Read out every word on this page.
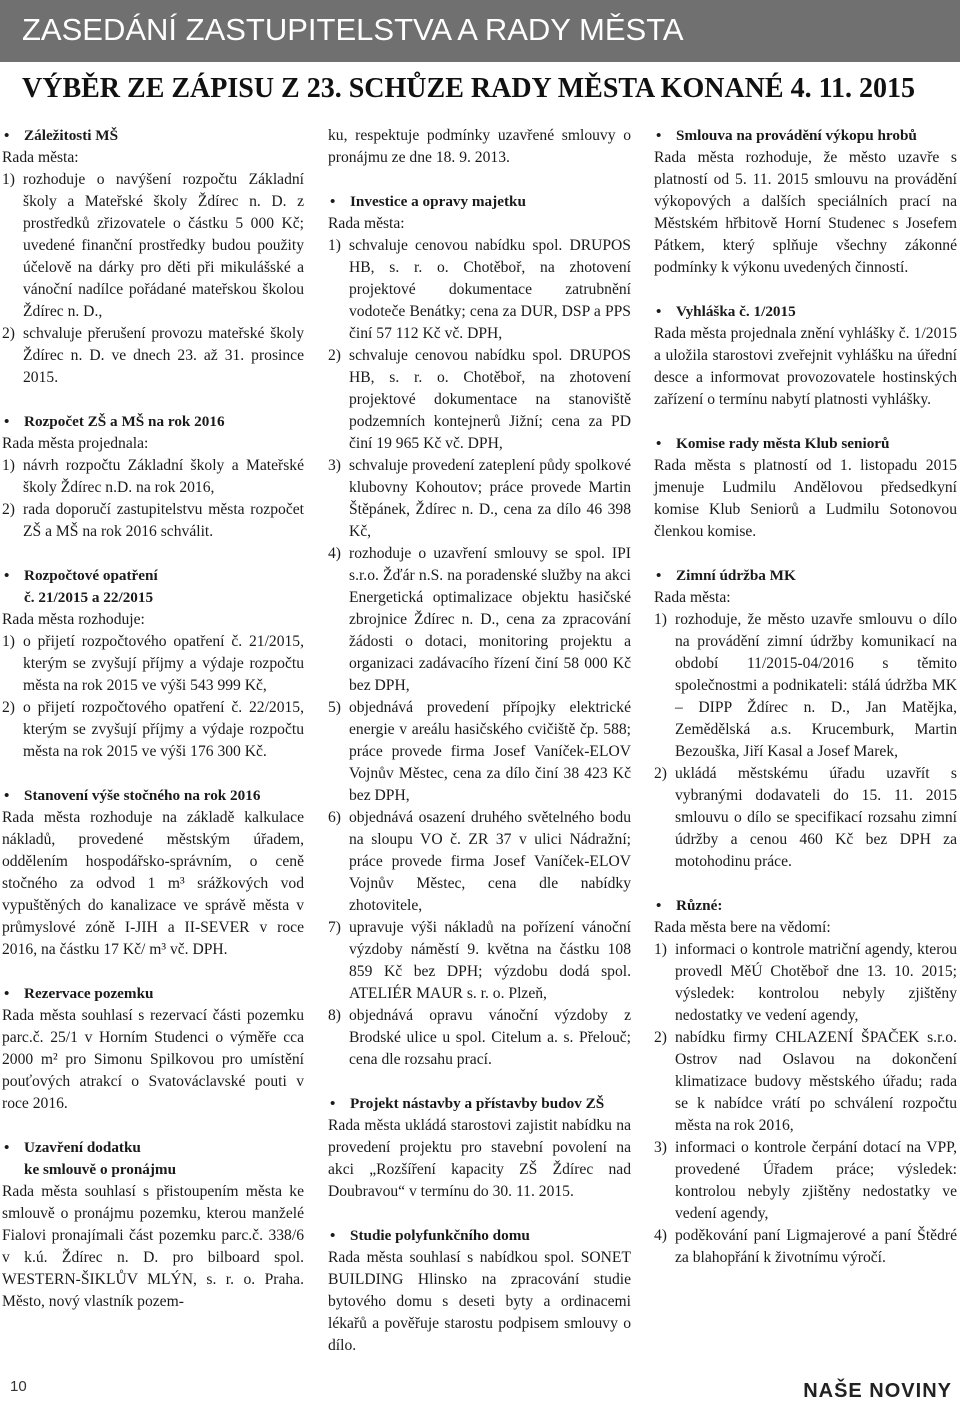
ZASEDÁNÍ ZASTUPITELSTVA A RADY MĚSTA
VÝBĚR ZE ZÁPISU Z 23. SCHŮZE RADY MĚSTA KONANÉ 4. 11. 2015
• Záležitosti MŠ
Rada města:
1) rozhoduje o navýšení rozpočtu Základní školy a Mateřské školy Ždírec n. D. z prostředků zřizovatele o částku 5 000 Kč; uvedené finanční prostředky budou použity účelově na dárky pro děti při mikulášské a vánoční nadílce pořádané mateřskou školou Ždírec n. D.,
2) schvaluje přerušení provozu mateřské školy Ždírec n. D. ve dnech 23. až 31. prosince 2015.
• Rozpočet ZŠ a MŠ na rok 2016
Rada města projednala:
1) návrh rozpočtu Základní školy a Mateřské školy Ždírec n.D. na rok 2016,
2) rada doporučí zastupitelstvu města rozpočet ZŠ a MŠ na rok 2016 schválit.
• Rozpočtové opatření
č. 21/2015 a 22/2015
Rada města rozhoduje:
1) o přijetí rozpočtového opatření č. 21/2015, kterým se zvyšují příjmy a výdaje rozpočtu města na rok 2015 ve výši 543 999 Kč,
2) o přijetí rozpočtového opatření č. 22/2015, kterým se zvyšují příjmy a výdaje rozpočtu města na rok 2015 ve výši 176 300 Kč.
• Stanovení výše stočného na rok 2016
Rada města rozhoduje na základě kalkulace nákladů, provedené městským úřadem, oddělením hospodářsko-správním, o ceně stočného za odvod 1 m³ srážkových vod vypuštěných do kanalizace ve správě města v průmyslové zóně I-JIH a II-SEVER v roce 2016, na částku 17 Kč/ m³ vč. DPH.
• Rezervace pozemku
Rada města souhlasí s rezervací části pozemku parc.č. 25/1 v Horním Studenci o výměře cca 2000 m² pro Simonu Spilkovou pro umístění pouťových atrakcí o Svatováclavské pouti v roce 2016.
• Uzavření dodatku
ke smlouvě o pronájmu
Rada města souhlasí s přistoupením města ke smlouvě o pronájmu pozemku, kterou manželé Fialovi pronajímali část pozemku parc.č. 338/6 v k.ú. Ždírec n. D. pro bilboard spol. WESTERN-ŠIKLŮV MLÝN, s. r. o. Praha. Město, nový vlastník pozem-
ku, respektuje podmínky uzavřené smlouvy o pronájmu ze dne 18. 9. 2013.
• Investice a opravy majetku
Rada města:
1) schvaluje cenovou nabídku spol. DRUPOS HB, s. r. o. Chotěboř, na zhotovení projektové dokumentace zatrubnění vodoteče Benátky; cena za DUR, DSP a PPS činí 57 112 Kč vč. DPH,
2) schvaluje cenovou nabídku spol. DRUPOS HB, s. r. o. Chotěboř, na zhotovení projektové dokumentace na stanoviště podzemních kontejnerů Jižní; cena za PD činí 19 965 Kč vč. DPH,
3) schvaluje provedení zateplení půdy spolkové klubovny Kohoutov; práce provede Martin Štěpánek, Ždírec n. D., cena za dílo 46 398 Kč,
4) rozhoduje o uzavření smlouvy se spol. IPI s.r.o. Žďár n.S. na poradenské služby na akci Energetická optimalizace objektu hasičské zbrojnice Ždírec n. D., cena za zpracování žádosti o dotaci, monitoring projektu a organizaci zadávacího řízení činí 58 000 Kč bez DPH,
5) objednává provedení přípojky elektrické energie v areálu hasičského cvičiště čp. 588; práce provede firma Josef Vaníček-ELOV Vojnův Městec, cena za dílo činí 38 423 Kč bez DPH,
6) objednává osazení druhého světelného bodu na sloupu VO č. ZR 37 v ulici Nádražní; práce provede firma Josef Vaníček-ELOV Vojnův Městec, cena dle nabídky zhotovitele,
7) upravuje výši nákladů na pořízení vánoční výzdoby náměstí 9. května na částku 108 859 Kč bez DPH; výzdobu dodá spol. ATELIÉR MAUR s. r. o. Plzeň,
8) objednává opravu vánoční výzdoby z Brodské ulice u spol. Citelum a. s. Přelouč; cena dle rozsahu prací.
• Projekt nástavby a přístavby budov ZŠ
Rada města ukládá starostovi zajistit nabídku na provedení projektu pro stavební povolení na akci „Rozšíření kapacity ZŠ Ždírec nad Doubravou“ v termínu do 30. 11. 2015.
• Studie polyfunkčního domu
Rada města souhlasí s nabídkou spol. SONET BUILDING Hlinsko na zpracování studie bytového domu s deseti byty a ordinacemi lékařů a pověřuje starostu podpisem smlouvy o dílo.
• Smlouva na provádění výkopu hrobů
Rada města rozhoduje, že město uzavře s platností od 5. 11. 2015 smlouvu na provádění výkopových a dalších speciálních prací na Městském hřbitově Horní Studenec s Josefem Pátkem, který splňuje všechny zákonné podmínky k výkonu uvedených činností.
• Vyhláška č. 1/2015
Rada města projednala znění vyhlášky č. 1/2015 a uložila starostovi zveřejnit vyhlášku na úřední desce a informovat provozovatele hostinských zařízení o termínu nabytí platnosti vyhlášky.
• Komise rady města Klub seniorů
Rada města s platností od 1. listopadu 2015 jmenuje Ludmilu Andělovou předsedkyní komise Klub Seniorů a Ludmilu Sotonovou členkou komise.
• Zimní údržba MK
Rada města:
1) rozhoduje, že město uzavře smlouvu o dílo na provádění zimní údržby komunikací na období 11/2015-04/2016 s těmito společnostmi a podnikateli: stálá údržba MK – DIPP Ždírec n. D., Jan Matějka, Zemědělská a.s. Krucemburk, Martin Bezouška, Jiří Kasal a Josef Marek,
2) ukládá městskému úřadu uzavřít s vybranými dodavateli do 15. 11. 2015 smlouvu o dílo se specifikací rozsahu zimní údržby a cenou 460 Kč bez DPH za motohodinu práce.
• Různé:
Rada města bere na vědomí:
1) informaci o kontrole matriční agendy, kterou provedl MěÚ Chotěboř dne 13. 10. 2015; výsledek: kontrolou nebyly zjištěny nedostatky ve vedení agendy,
2) nabídku firmy CHLAZENÍ ŠPAČEK s.r.o. Ostrov nad Oslavou na dokončení klimatizace budovy městského úřadu; rada se k nabídce vrátí po schválení rozpočtu města na rok 2016,
3) informaci o kontrole čerpání dotací na VPP, provedené Úřadem práce; výsledek: kontrolou nebyly zjištěny nedostatky ve vedení agendy,
4) poděkování paní Ligmajerové a paní Štědré za blahopřání k životnímu výročí.
10	NAŠE NOVINY
